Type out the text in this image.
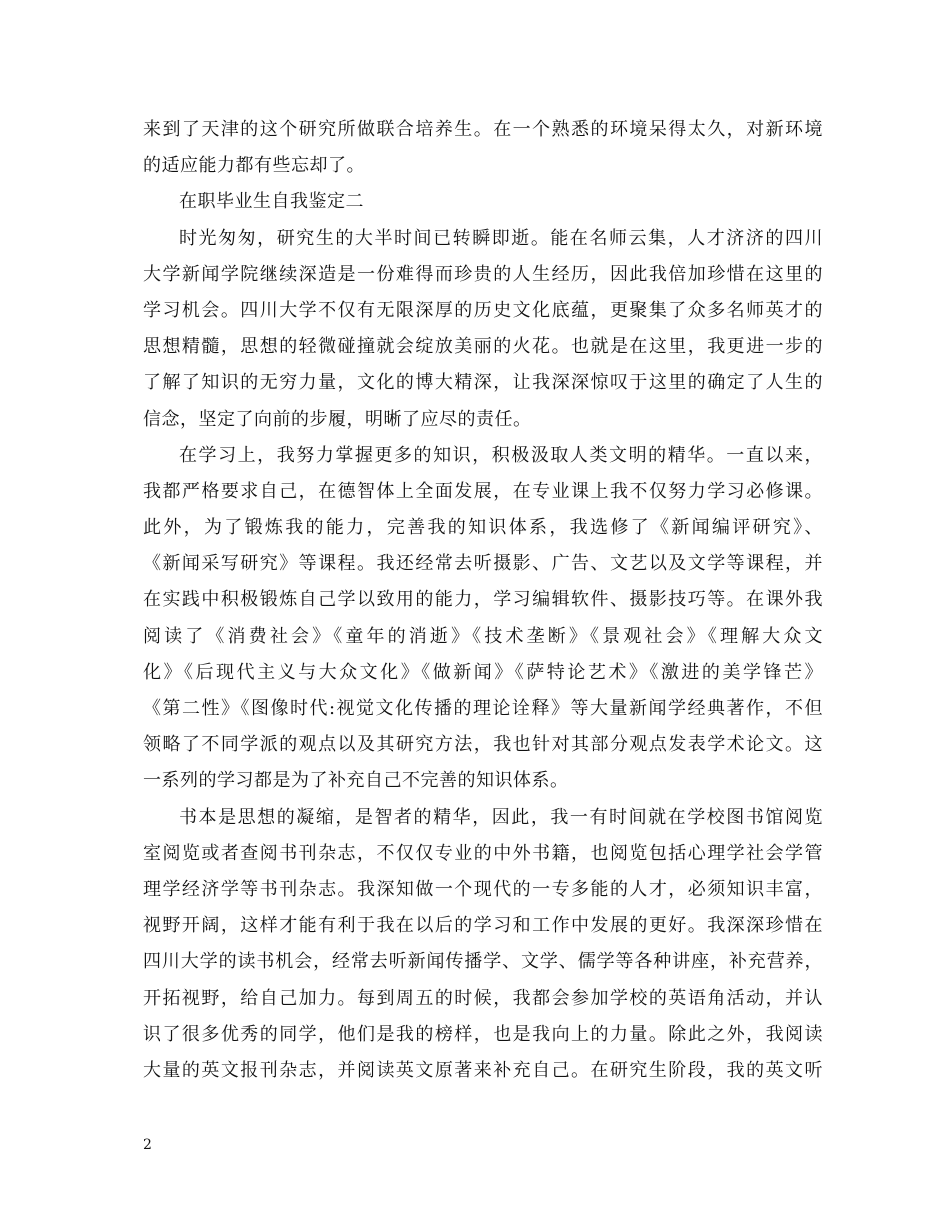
来到了天津的这个研究所做联合培养生。在一个熟悉的环境呆得太久，对新环境
的适应能力都有些忘却了。
在职毕业生自我鉴定二
时光匆匆，研究生的大半时间已转瞬即逝。能在名师云集，人才济济的四川
大学新闻学院继续深造是一份难得而珍贵的人生经历，因此我倍加珍惜在这里的
学习机会。四川大学不仅有无限深厚的历史文化底蕴，更聚集了众多名师英才的
思想精髓，思想的轻微碰撞就会绽放美丽的火花。也就是在这里，我更进一步的
了解了知识的无穷力量，文化的博大精深，让我深深惊叹于这里的确定了人生的
信念，坚定了向前的步履，明晰了应尽的责任。
在学习上，我努力掌握更多的知识，积极汲取人类文明的精华。一直以来，
我都严格要求自己，在德智体上全面发展，在专业课上我不仅努力学习必修课。
此外，为了锻炼我的能力，完善我的知识体系，我选修了《新闻编评研究》、
《新闻采写研究》等课程。我还经常去听摄影、广告、文艺以及文学等课程，并
在实践中积极锻炼自己学以致用的能力，学习编辑软件、摄影技巧等。在课外我
阅读了《消费社会》《童年的消逝》《技术垄断》《景观社会》《理解大众文
化》《后现代主义与大众文化》《做新闻》《萨特论艺术》《激进的美学锋芒》
《第二性》《图像时代:视觉文化传播的理论诠释》等大量新闻学经典著作，不但
领略了不同学派的观点以及其研究方法，我也针对其部分观点发表学术论文。这
一系列的学习都是为了补充自己不完善的知识体系。
书本是思想的凝缩，是智者的精华，因此，我一有时间就在学校图书馆阅览
室阅览或者查阅书刊杂志，不仅仅专业的中外书籍，也阅览包括心理学社会学管
理学经济学等书刊杂志。我深知做一个现代的一专多能的人才，必须知识丰富，
视野开阔，这样才能有利于我在以后的学习和工作中发展的更好。我深深珍惜在
四川大学的读书机会，经常去听新闻传播学、文学、儒学等各种讲座，补充营养，
开拓视野，给自己加力。每到周五的时候，我都会参加学校的英语角活动，并认
识了很多优秀的同学，他们是我的榜样，也是我向上的力量。除此之外，我阅读
大量的英文报刊杂志，并阅读英文原著来补充自己。在研究生阶段，我的英文听
2
